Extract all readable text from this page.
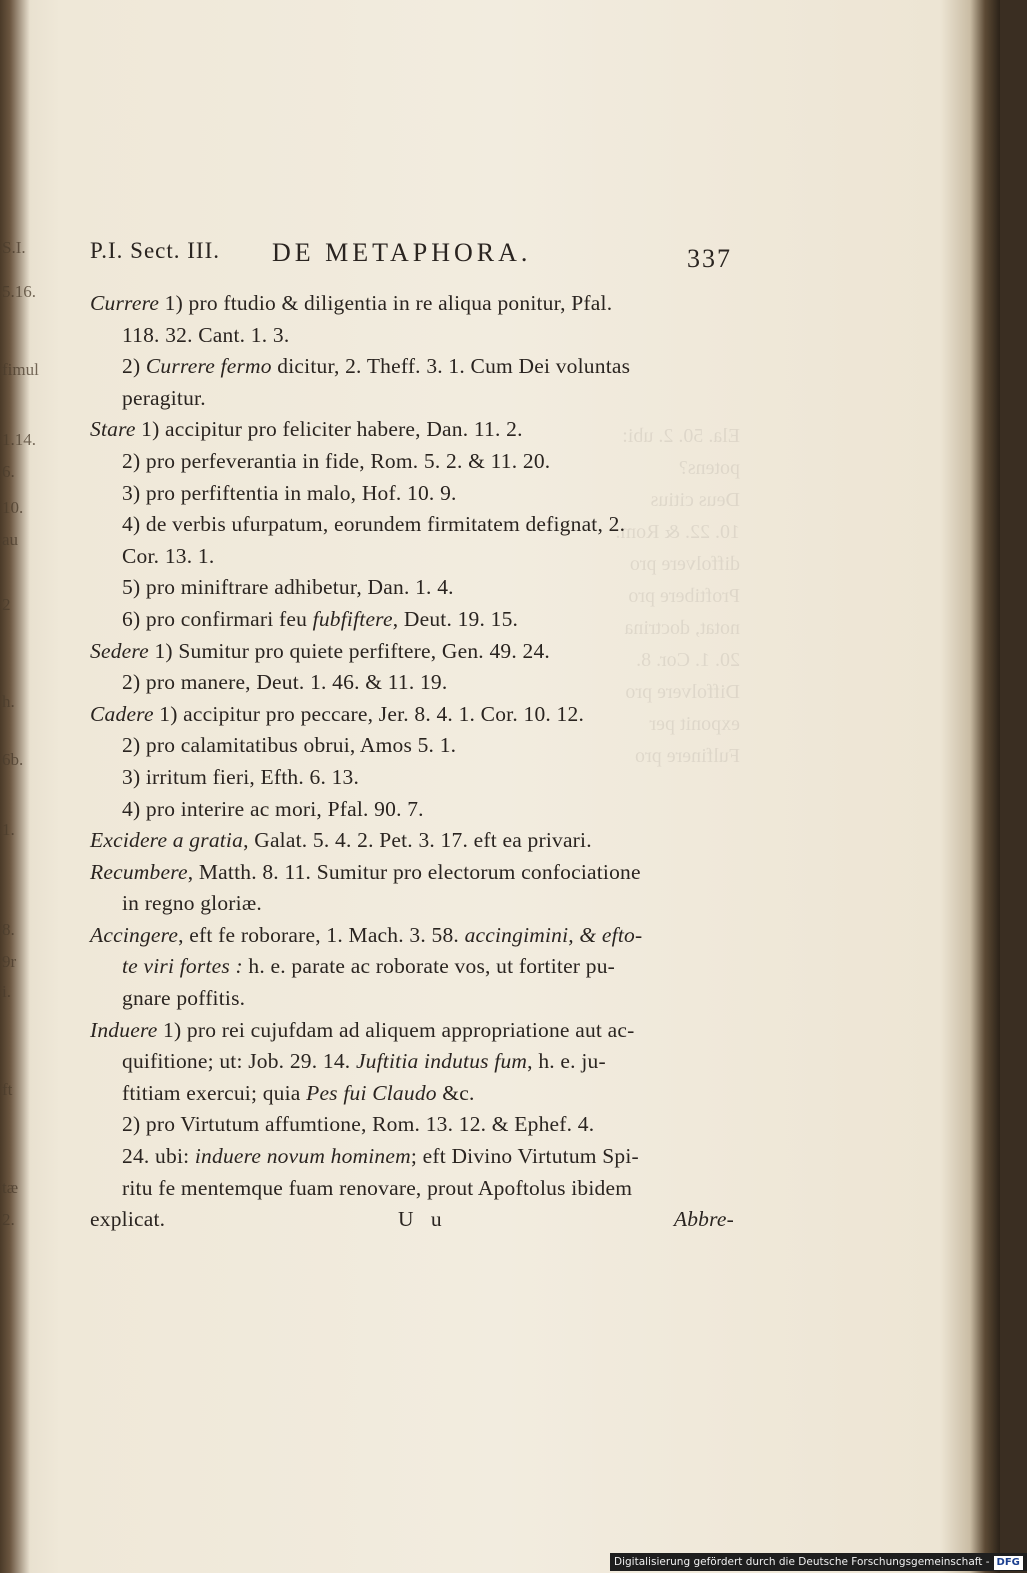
S.I.
5.16.
fimul
1.14.
6.
10.
au
2
h.
6b.
1.
8.
9r
i.
ft
tæ
2.
Ela. 50. 2. ubi:
potens?
Deus citius
10. 22. & Rom.
diffolvere pro
Proftibere pro
notat, doctrina
20. 1. Cor. 8.
Diffolvere pro
exponit per
Fulfinere pro
P.I. Sect. III. DE METAPHORA.	337
Currere 1) pro ftudio & diligentia in re aliqua ponitur, Pfal.
118. 32. Cant. 1. 3.
2) Currere fermo dicitur, 2. Theff. 3. 1. Cum Dei voluntas
peragitur.
Stare 1) accipitur pro feliciter habere, Dan. 11. 2.
2) pro perfeverantia in fide, Rom. 5. 2. & 11. 20.
3) pro perfiftentia in malo, Hof. 10. 9.
4) de verbis ufurpatum, eorundem firmitatem defignat, 2.
Cor. 13. 1.
5) pro miniftrare adhibetur, Dan. 1. 4.
6) pro confirmari feu fubfiftere, Deut. 19. 15.
Sedere 1) Sumitur pro quiete perfiftere, Gen. 49. 24.
2) pro manere, Deut. 1. 46. & 11. 19.
Cadere 1) accipitur pro peccare, Jer. 8. 4. 1. Cor. 10. 12.
2) pro calamitatibus obrui, Amos 5. 1.
3) irritum fieri, Efth. 6. 13.
4) pro interire ac mori, Pfal. 90. 7.
Excidere a gratia, Galat. 5. 4. 2. Pet. 3. 17. eft ea privari.
Recumbere, Matth. 8. 11. Sumitur pro electorum confociatione
in regno gloriæ.
Accingere, eft fe roborare, 1. Mach. 3. 58. accingimini, & efto-
te viri fortes : h. e. parate ac roborate vos, ut fortiter pu-
gnare poffitis.
Induere 1) pro rei cujufdam ad aliquem appropriatione aut ac-
quifitione; ut: Job. 29. 14. Juftitia indutus fum, h. e. ju-
ftitiam exercui; quia Pes fui Claudo &c.
2) pro Virtutum affumtione, Rom. 13. 12. & Ephef. 4.
24. ubi: induere novum hominem; eft Divino Virtutum Spi-
ritu fe mentemque fuam renovare, prout Apoftolus ibidem
explicat.	U u	Abbre-
Digitalisierung gefördert durch die Deutsche Forschungsgemeinschaft - DFG
